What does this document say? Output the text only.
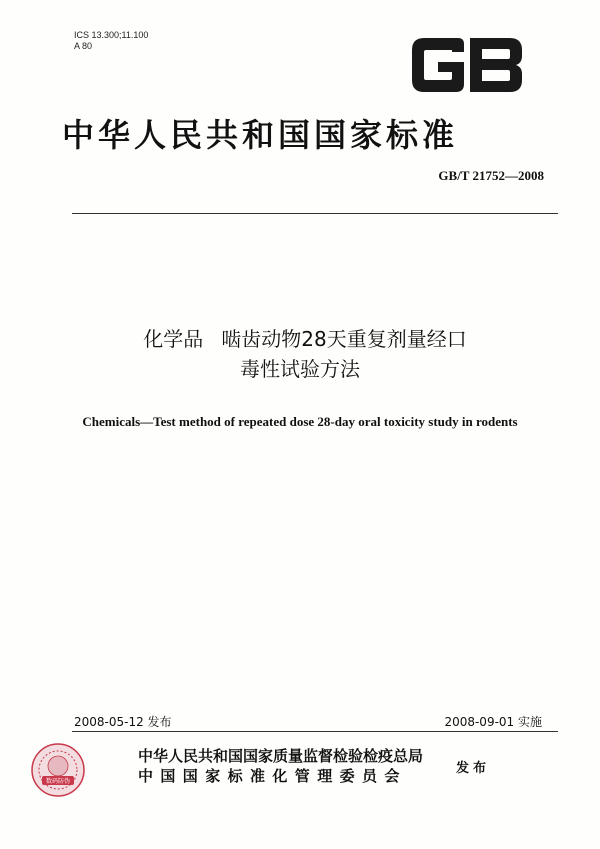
ICS 13.300;11.100
A 80
中华人民共和国国家标准
GB/T 21752—2008
化学品 啮齿动物28天重复剂量经口
毒性试验方法
Chemicals—Test method of repeated dose 28-day oral toxicity study in rodents
2008-05-12 发布	2008-09-01 实施
数码防伪
中华人民共和国国家质量监督检验检疫总局
中国国家标准化管理委员会	发布
